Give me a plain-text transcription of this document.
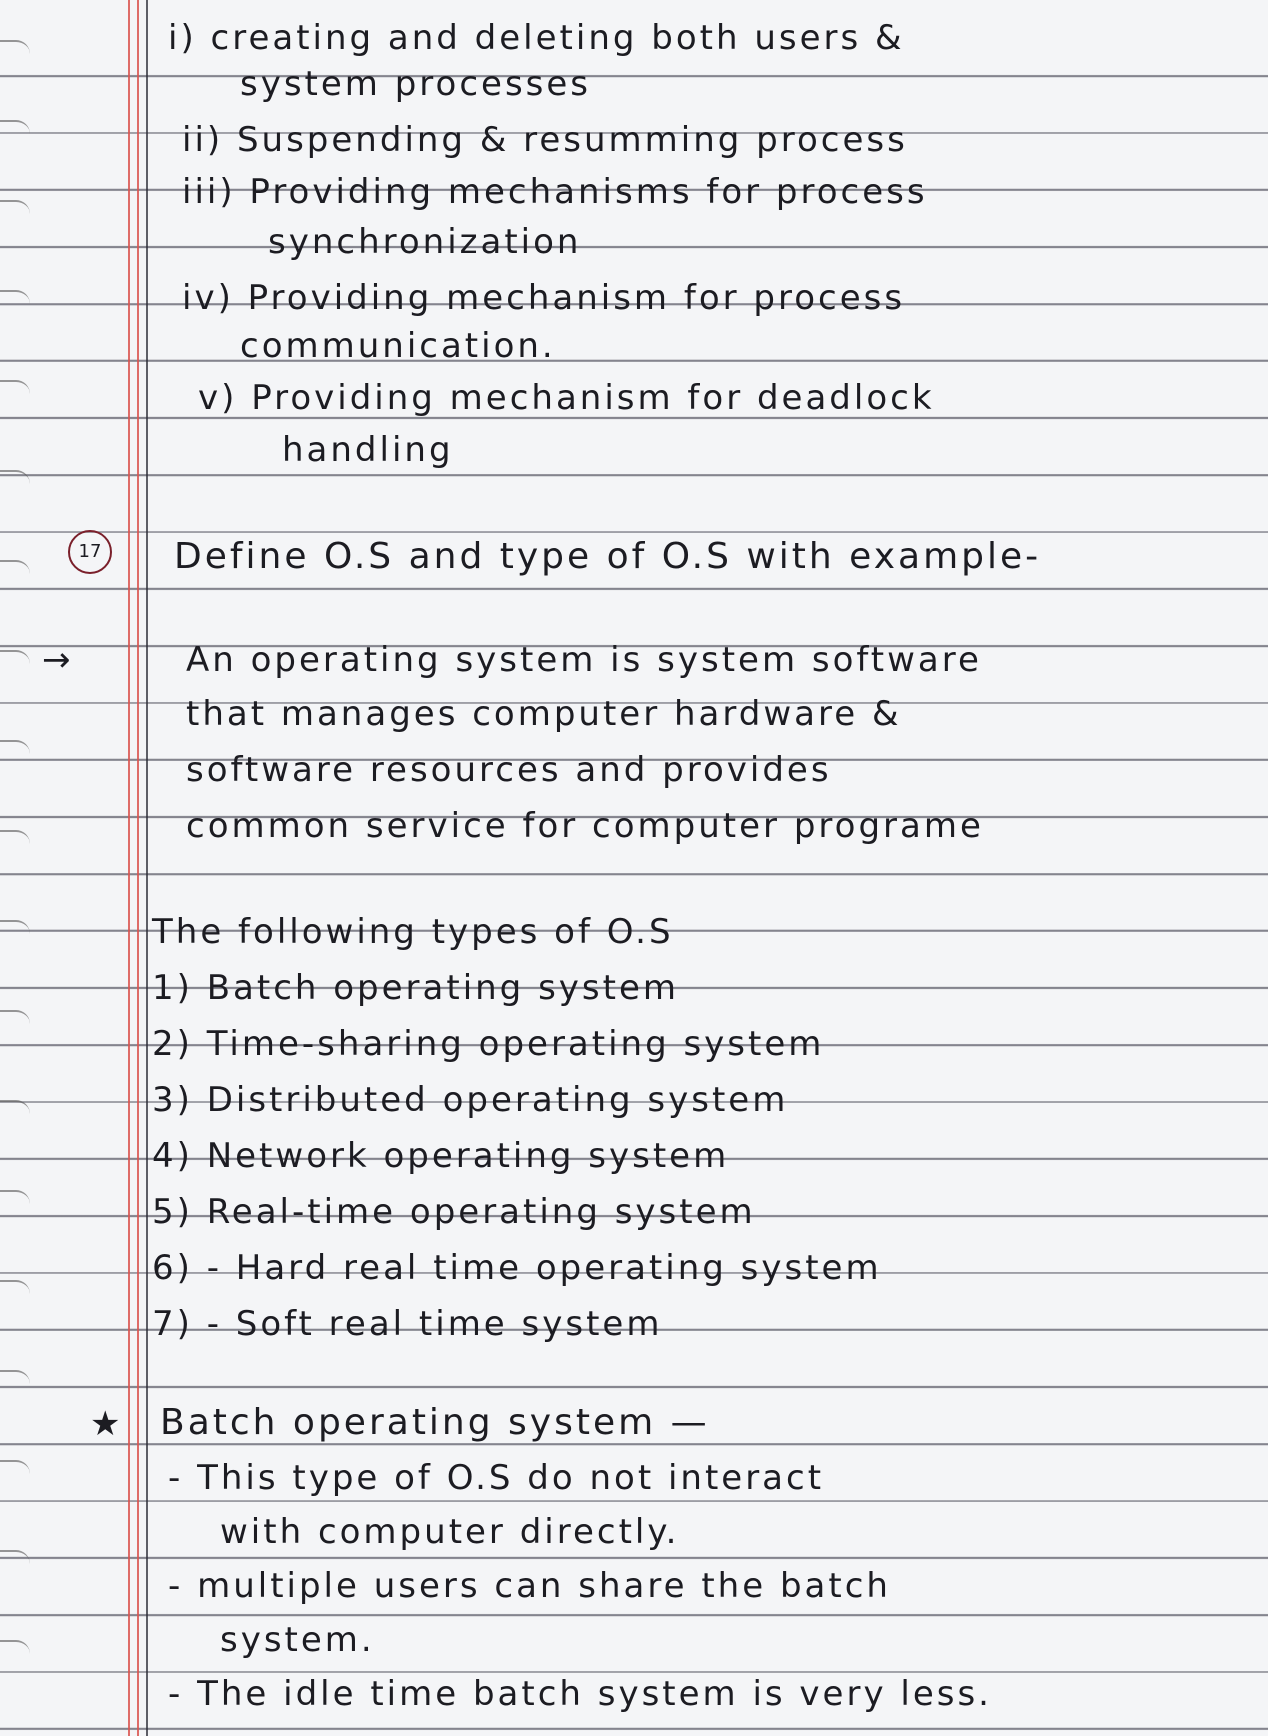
i) creating and deleting both users &
system processes
ii) Suspending & resumming process
iii) Providing mechanisms for process
synchronization
iv) Providing mechanism for process
communication.
v) Providing mechanism for deadlock
handling
17 Define O.S and type of O.S with example-
→	An operating system is system software
that manages computer hardware &
software resources and provides
common service for computer programe
The following types of O.S
1) Batch operating system
2) Time-sharing operating system
3) Distributed operating system
4) Network operating system
5) Real-time operating system
6) - Hard real time operating system
7) - Soft real time system
★ Batch operating system —
- This type of O.S do not interact
with computer directly.
- multiple users can share the batch
system.
- The idle time batch system is very less.
